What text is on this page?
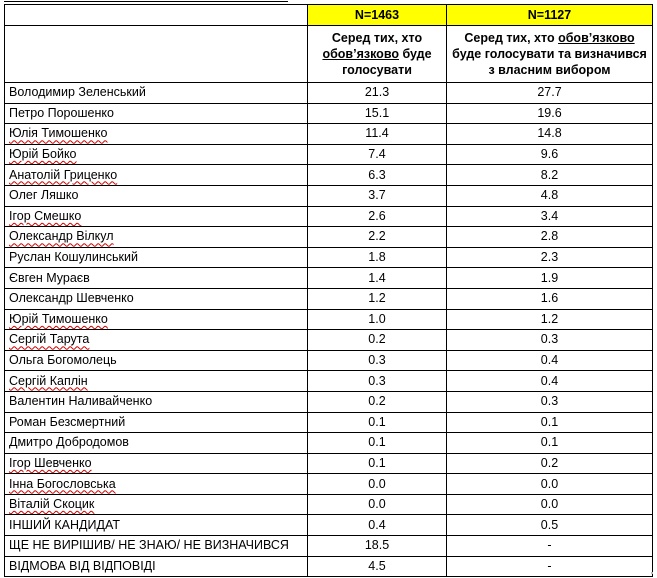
	N=1463	N=1127
	Серед тих, хто обов’язково буде голосувати	Серед тих, хто обов’язково буде голосувати та визначився з власним вибором
Володимир Зеленський	21.3	27.7
Петро Порошенко	15.1	19.6
Юлія Тимошенко	11.4	14.8
Юрій Бойко	7.4	9.6
Анатолій Гриценко	6.3	8.2
Олег Ляшко	3.7	4.8
Ігор Смешко	2.6	3.4
Олександр Вілкул	2.2	2.8
Руслан Кошулинський	1.8	2.3
Євген Мураєв	1.4	1.9
Олександр Шевченко	1.2	1.6
Юрій Тимошенко	1.0	1.2
Сергій Тарута	0.2	0.3
Ольга Богомолець	0.3	0.4
Сергій Каплін	0.3	0.4
Валентин Наливайченко	0.2	0.3
Роман Безсмертний	0.1	0.1
Дмитро Добродомов	0.1	0.1
Ігор Шевченко	0.1	0.2
Інна Богословська	0.0	0.0
Віталій Скоцик	0.0	0.0
ІНШИЙ КАНДИДАТ	0.4	0.5
ЩЕ НЕ ВИРІШИВ/ НЕ ЗНАЮ/ НЕ ВИЗНАЧИВСЯ	18.5	-
ВІДМОВА ВІД ВІДПОВІДІ	4.5	-
